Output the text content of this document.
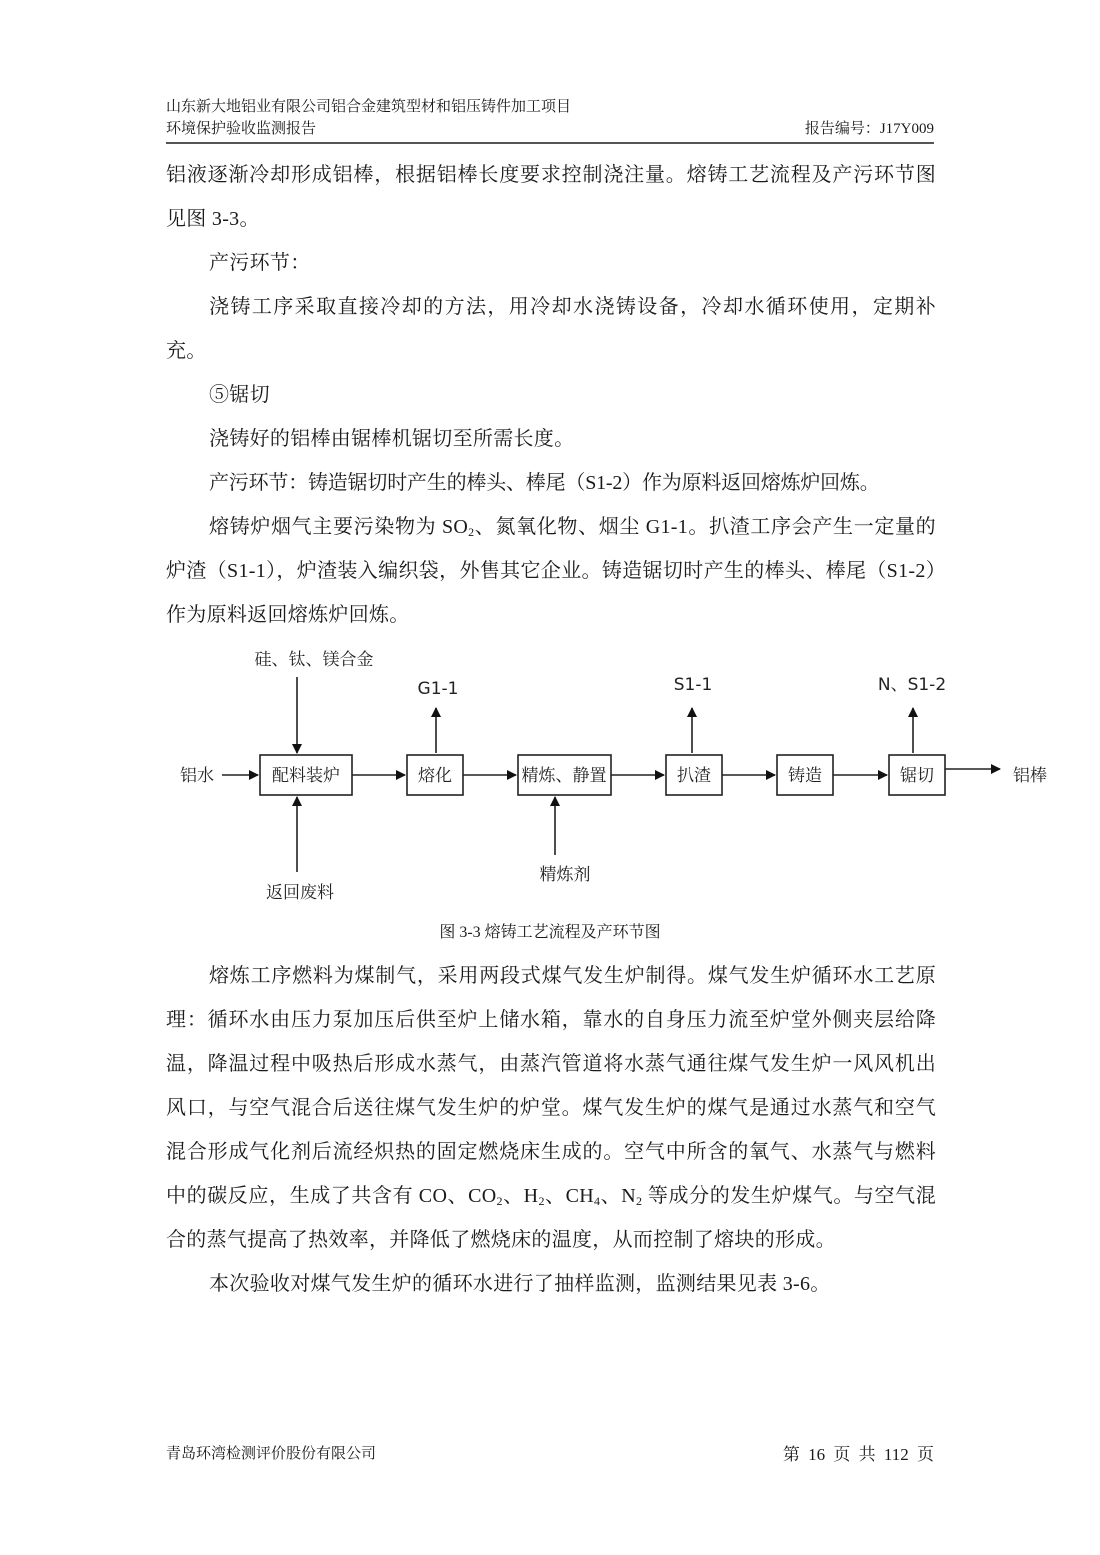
山东新大地铝业有限公司铝合金建筑型材和铝压铸件加工项目
环境保护验收监测报告	报告编号：J17Y009

铝液逐渐冷却形成铝棒，根据铝棒长度要求控制浇注量。熔铸工艺流程及产污环节图见图 3-3。

产污环节：

浇铸工序采取直接冷却的方法，用冷却水浇铸设备，冷却水循环使用，定期补充。

⑤锯切

浇铸好的铝棒由锯棒机锯切至所需长度。

产污环节：铸造锯切时产生的棒头、棒尾（S1-2）作为原料返回熔炼炉回炼。

熔铸炉烟气主要污染物为 $SO_2$、氮氧化物、烟尘 G1-1。扒渣工序会产生一定量的炉渣（S1-1），炉渣装入编织袋，外售其它企业。铸造锯切时产生的棒头、棒尾（S1-2）作为原料返回熔炼炉回炼。

铝水	铝棒
配料装炉	熔化	精炼、静置	扒渣	铸造	锯切
硅、钛、镁合金
返回废料
精炼剂
G1-1	S1-1	N、S1-2
图 3-3 熔铸工艺流程及产环节图

熔炼工序燃料为煤制气，采用两段式煤气发生炉制得。煤气发生炉循环水工艺原理：循环水由压力泵加压后供至炉上储水箱，靠水的自身压力流至炉堂外侧夹层给降温，降温过程中吸热后形成水蒸气，由蒸汽管道将水蒸气通往煤气发生炉一风风机出风口，与空气混合后送往煤气发生炉的炉堂。煤气发生炉的煤气是通过水蒸气和空气混合形成气化剂后流经炽热的固定燃烧床生成的。空气中所含的氧气、水蒸气与燃料中的碳反应，生成了共含有 CO、$CO_2$、$H_2$、$CH_4$、$N_2$ 等成分的发生炉煤气。与空气混合的蒸气提高了热效率，并降低了燃烧床的温度，从而控制了熔块的形成。

本次验收对煤气发生炉的循环水进行了抽样监测，监测结果见表 3-6。

青岛环湾检测评价股份有限公司	第 16 页 共 112 页
